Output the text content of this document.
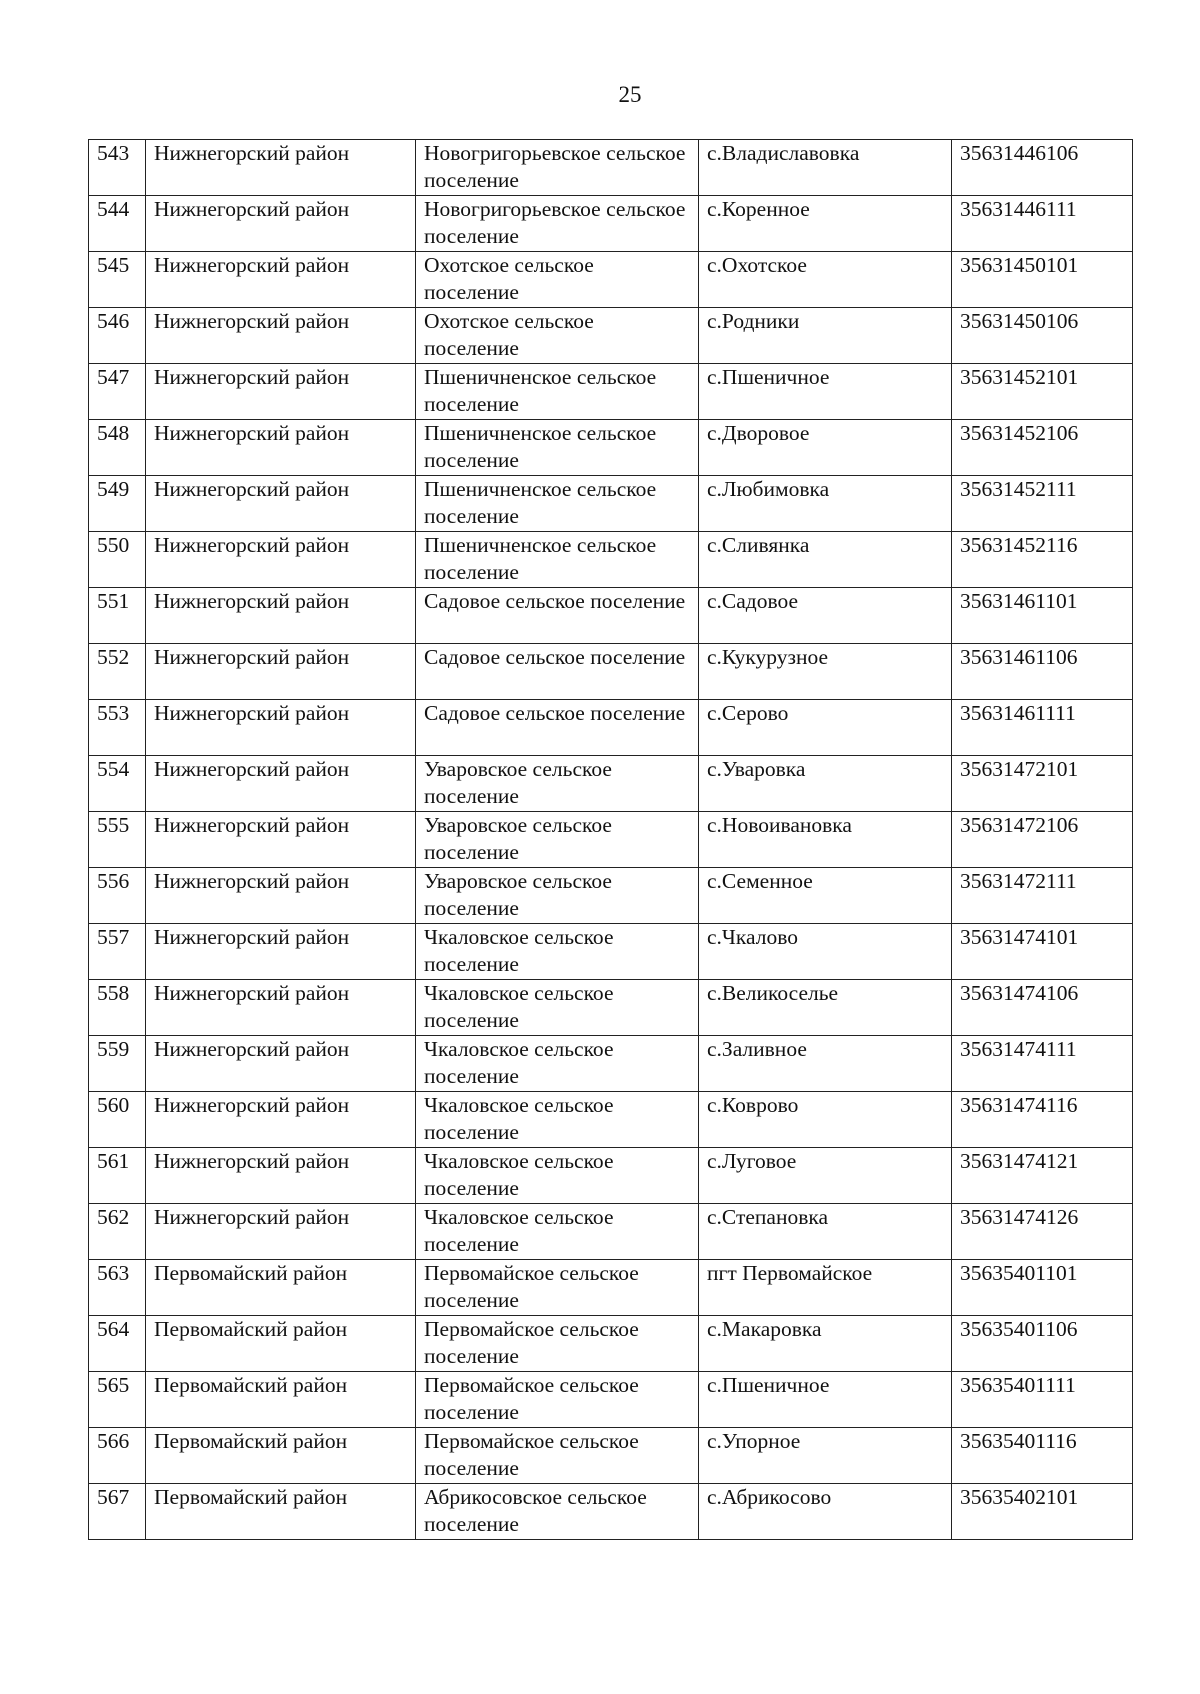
25
543	Нижнегорский район	Новогригорьевское сельское поселение	с.Владиславовка	35631446106
544	Нижнегорский район	Новогригорьевское сельское поселение	с.Коренное	35631446111
545	Нижнегорский район	Охотское сельское поселение	с.Охотское	35631450101
546	Нижнегорский район	Охотское сельское поселение	с.Родники	35631450106
547	Нижнегорский район	Пшеничненское сельское поселение	с.Пшеничное	35631452101
548	Нижнегорский район	Пшеничненское сельское поселение	с.Дворовое	35631452106
549	Нижнегорский район	Пшеничненское сельское поселение	с.Любимовка	35631452111
550	Нижнегорский район	Пшеничненское сельское поселение	с.Сливянка	35631452116
551	Нижнегорский район	Садовое сельское поселение	с.Садовое	35631461101
552	Нижнегорский район	Садовое сельское поселение	с.Кукурузное	35631461106
553	Нижнегорский район	Садовое сельское поселение	с.Серово	35631461111
554	Нижнегорский район	Уваровское сельское поселение	с.Уваровка	35631472101
555	Нижнегорский район	Уваровское сельское поселение	с.Новоивановка	35631472106
556	Нижнегорский район	Уваровское сельское поселение	с.Семенное	35631472111
557	Нижнегорский район	Чкаловское сельское поселение	с.Чкалово	35631474101
558	Нижнегорский район	Чкаловское сельское поселение	с.Великоселье	35631474106
559	Нижнегорский район	Чкаловское сельское поселение	с.Заливное	35631474111
560	Нижнегорский район	Чкаловское сельское поселение	с.Коврово	35631474116
561	Нижнегорский район	Чкаловское сельское поселение	с.Луговое	35631474121
562	Нижнегорский район	Чкаловское сельское поселение	с.Степановка	35631474126
563	Первомайский район	Первомайское сельское поселение	пгт Первомайское	35635401101
564	Первомайский район	Первомайское сельское поселение	с.Макаровка	35635401106
565	Первомайский район	Первомайское сельское поселение	с.Пшеничное	35635401111
566	Первомайский район	Первомайское сельское поселение	с.Упорное	35635401116
567	Первомайский район	Абрикосовское сельское поселение	с.Абрикосово	35635402101
